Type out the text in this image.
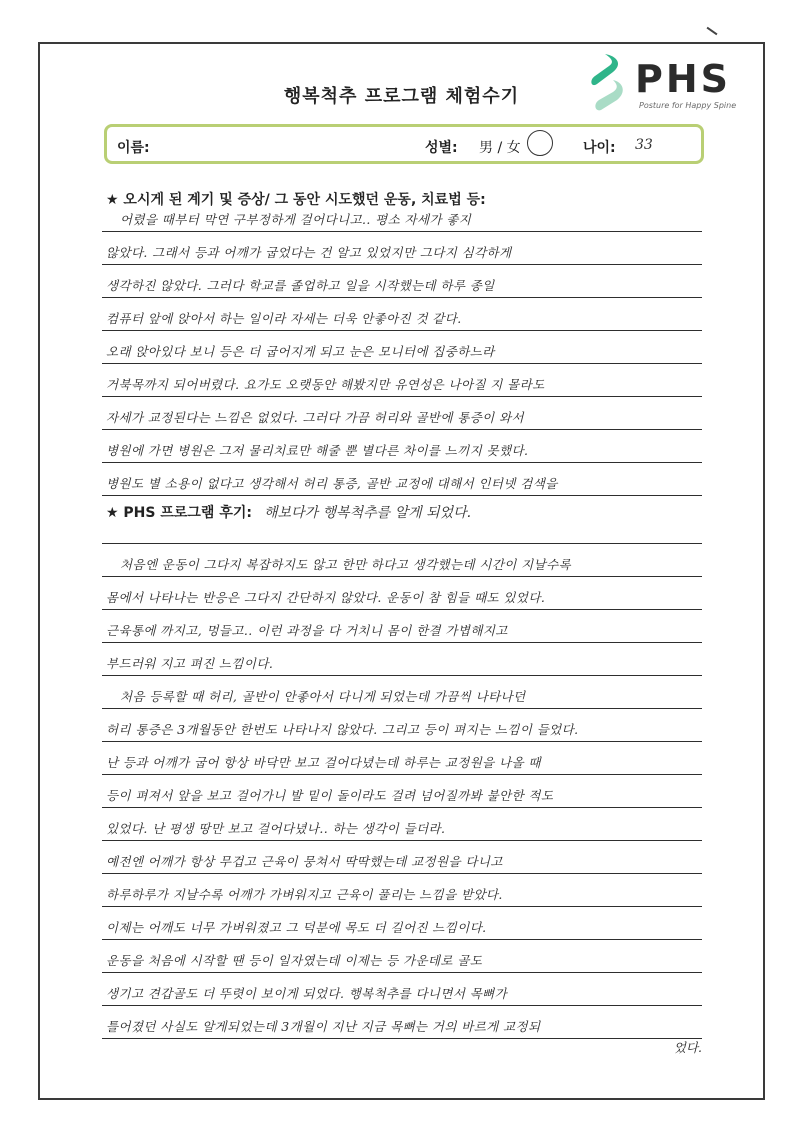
행복척추 프로그램 체험수기	PHS
Posture for Happy Spine
이름:	성별: 男 / 女	나이: 33
★ 오시게 된 계기 및 증상/ 그 동안 시도했던 운동, 치료법 등:
어렸을 때부터 막연 구부정하게 걸어다니고.. 평소 자세가 좋지
않았다. 그래서 등과 어깨가 굽었다는 건 알고 있었지만 그다지 심각하게
생각하진 않았다. 그러다 학교를 졸업하고 일을 시작했는데 하루 종일
컴퓨터 앞에 앉아서 하는 일이라 자세는 더욱 안좋아진 것 같다.
오래 앉아있다 보니 등은 더 굽어지게 되고 눈은 모니터에 집중하느라
거북목까지 되어버렸다. 요가도 오랫동안 해봤지만 유연성은 나아질 지 몰라도
자세가 교정된다는 느낌은 없었다. 그러다 가끔 허리와 골반에 통증이 와서
병원에 가면 병원은 그저 물리치료만 해줄 뿐 별다른 차이를 느끼지 못했다.
병원도 별 소용이 없다고 생각해서 허리 통증, 골반 교정에 대해서 인터넷 검색을
★ PHS 프로그램 후기: 해보다가 행복척추를 알게 되었다.
처음엔 운동이 그다지 복잡하지도 않고 한만 하다고 생각했는데 시간이 지날수록
몸에서 나타나는 반응은 그다지 간단하지 않았다. 운동이 참 힘들 때도 있었다.
근육통에 까지고, 멍들고.. 이런 과정을 다 거치니 몸이 한결 가볍해지고
부드러워 지고 펴진 느낌이다.
처음 등록할 때 허리, 골반이 안좋아서 다니게 되었는데 가끔씩 나타나던
허리 통증은 3개월동안 한번도 나타나지 않았다. 그리고 등이 펴지는 느낌이 들었다.
난 등과 어깨가 굽어 항상 바닥만 보고 걸어다녔는데 하루는 교정원을 나올 때
등이 펴져서 앞을 보고 걸어가니 발 밑이 돌이라도 걸려 넘어질까봐 불안한 적도
있었다. 난 평생 땅만 보고 걸어다녔나.. 하는 생각이 들더라.
예전엔 어깨가 항상 무겁고 근육이 뭉쳐서 딱딱했는데 교정원을 다니고
하루하루가 지날수록 어깨가 가벼워지고 근육이 풀리는 느낌을 받았다.
이제는 어깨도 너무 가벼워졌고 그 덕분에 목도 더 길어진 느낌이다.
운동을 처음에 시작할 땐 등이 일자였는데 이제는 등 가운데로 골도
생기고 견갑골도 더 뚜렷이 보이게 되었다. 행복척추를 다니면서 목뼈가
틀어졌던 사실도 알게되었는데 3개월이 지난 지금 목뼈는 거의 바르게 교정되
었다.
